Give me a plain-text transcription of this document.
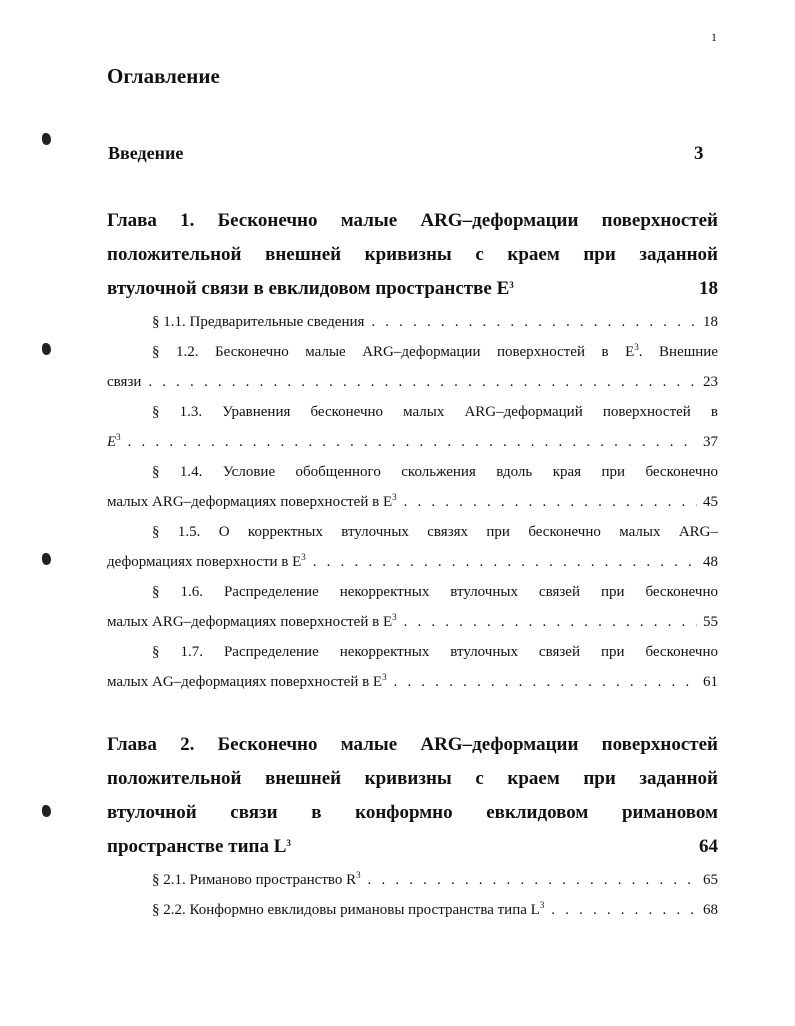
1
Оглавление
Введение	3
Глава 1. Бесконечно малые ARG–деформации поверхностей
положительной внешней кривизны с краем при заданной
втулочной связи в евклидовом пространстве $E^3$	18
§ 1.1. Предварительные сведения . . .	18
§ 1.2. Бесконечно малые ARG–деформации поверхностей в $E^3$. Внешние
связи . . .	23
§ 1.3. Уравнения бесконечно малых ARG–деформаций поверхностей в
$E^3$ . . .	37
§ 1.4. Условие обобщенного скольжения вдоль края при бесконечно
малых ARG–деформациях поверхностей в $E^3$ . . .	45
§ 1.5. О корректных втулочных связях при бесконечно малых ARG–
деформациях поверхности в $E^3$ . . .	48
§ 1.6. Распределение некорректных втулочных связей при бесконечно
малых ARG–деформациях поверхностей в $E^3$ . . .	55
§ 1.7. Распределение некорректных втулочных связей при бесконечно
малых AG–деформациях поверхностей в $E^3$ . . .	61
Глава 2. Бесконечно малые ARG–деформации поверхностей
положительной внешней кривизны с краем при заданной
втулочной связи в конформно евклидовом римановом
пространстве типа $L^3$	64
§ 2.1. Риманово пространство $R^3$ . . .	65
§ 2.2. Конформно евклидовы римановы пространства типа $L^3$ . . .	68
